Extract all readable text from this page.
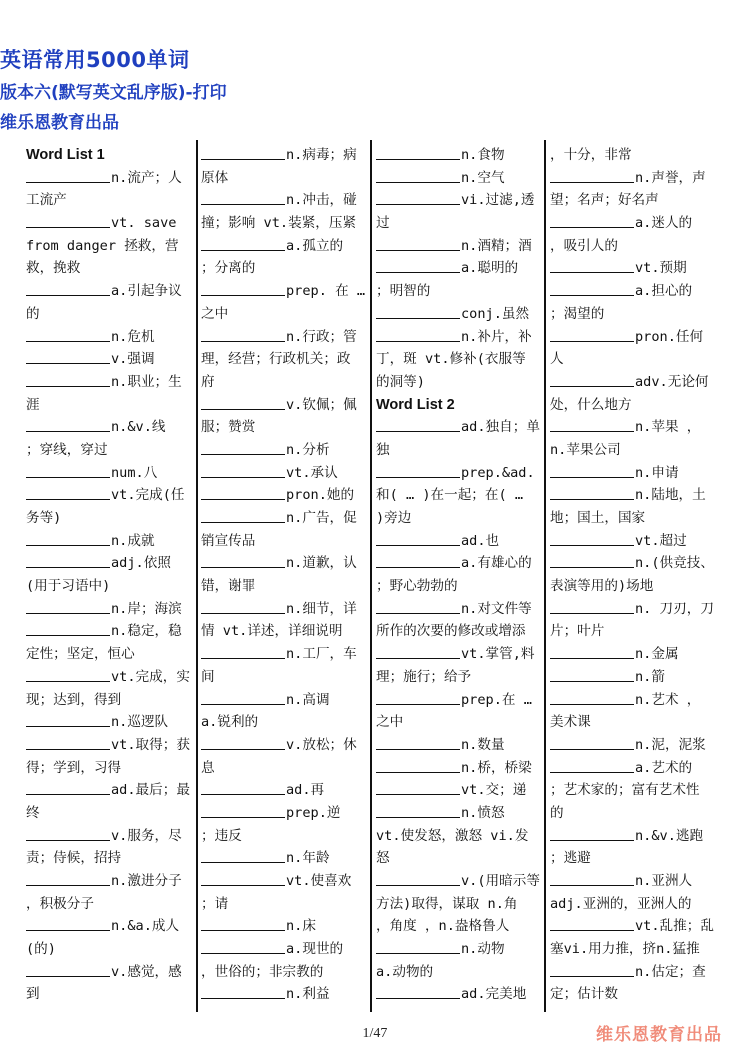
英语常用5000单词
版本六(默写英文乱序版)-打印
维乐恩教育出品
Word List 1
n.流产；人
工流产
vt. save
from danger 拯救，营
救，挽救
a.引起争议
的
n.危机
v.强调
n.职业；生
涯
n.&v.线
；穿线，穿过
num.八
vt.完成(任
务等)
n.成就
adj.依照
(用于习语中)
n.岸；海滨
n.稳定，稳
定性；坚定，恒心
vt.完成，实
现；达到，得到
n.巡逻队
vt.取得；获
得；学到，习得
ad.最后；最
终
v.服务，尽
责；侍候，招持
n.激进分子
，积极分子
n.&a.成人
(的)
v.感觉，感
到
n.病毒；病
原体
n.冲击，碰
撞；影响 vt.装紧，压紧
a.孤立的
；分离的
prep. 在 …
之中
n.行政；管
理，经营；行政机关；政
府
v.钦佩；佩
服；赞赏
n.分析
vt.承认
pron.她的
n.广告，促
销宣传品
n.道歉，认
错，谢罪
n.细节，详
情 vt.详述，详细说明
n.工厂，车
间
n.高调
a.锐利的
v.放松；休
息
ad.再
prep.逆
；违反
n.年龄
vt.使喜欢
；请
n.床
a.现世的
，世俗的；非宗教的
n.利益
n.食物
n.空气
vi.过滤,透
过
n.酒精；酒
a.聪明的
；明智的
conj.虽然
n.补片，补
丁，斑 vt.修补(衣服等
的洞等)
Word List 2
ad.独自；单
独
prep.&ad.
和( … )在一起；在( …
)旁边
ad.也
a.有雄心的
；野心勃勃的
n.对文件等
所作的次要的修改或增添
vt.掌管,料
理；施行；给予
prep.在 …
之中
n.数量
n.桥，桥梁
vt.交；递
n.愤怒
vt.使发怒，激怒 vi.发
怒
v.(用暗示等
方法)取得，谋取 n.角
，角度 ，n.盎格鲁人
n.动物
a.动物的
ad.完美地
，十分，非常
n.声誉，声
望；名声；好名声
a.迷人的
，吸引人的
vt.预期
a.担心的
；渴望的
pron.任何
人
adv.无论何
处，什么地方
n.苹果 ，
n.苹果公司
n.申请
n.陆地，土
地；国土，国家
vt.超过
n.(供竞技、
表演等用的)场地
n. 刀刃，刀
片；叶片
n.金属
n.箭
n.艺术 ，
美术课
n.泥，泥浆
a.艺术的
；艺术家的；富有艺术性
的
n.&v.逃跑
；逃避
n.亚洲人
adj.亚洲的，亚洲人的
vt.乱推；乱
塞vi.用力推，挤n.猛推
n.估定；查
定；估计数
1/47	维乐恩教育出品
